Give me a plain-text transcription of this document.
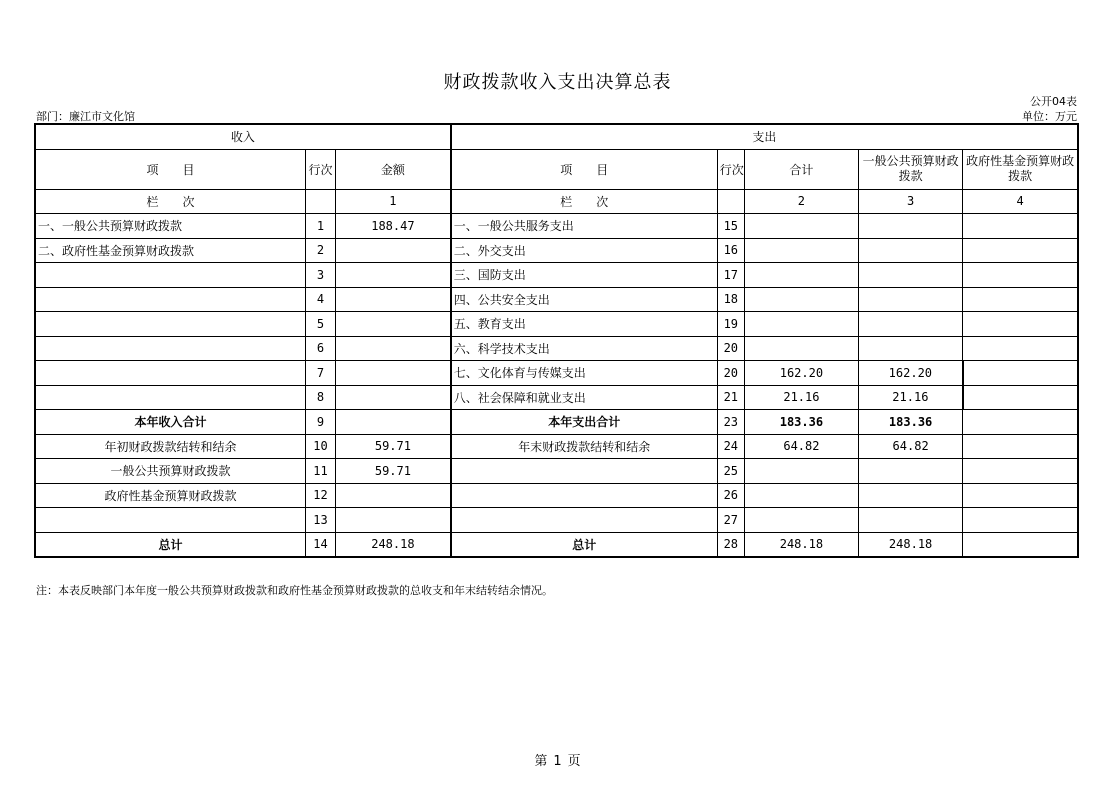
财政拨款收入支出决算总表
公开04表
部门：廉江市文化馆	单位：万元
收入			支出				
项　　目	行次	金额	项　　目	行次	合计	一般公共预算财政拨款	政府性基金预算财政拨款
栏　　次		1	栏　　次		2	3	4
一、一般公共预算财政拨款	1	188.47	一、一般公共服务支出	15			
二、政府性基金预算财政拨款	2		二、外交支出	16			
	3		三、国防支出	17			
	4		四、公共安全支出	18			
	5		五、教育支出	19			
	6		六、科学技术支出	20			
	7		七、文化体育与传媒支出	20	162.20	162.20	
	8		八、社会保障和就业支出	21	21.16	21.16	
本年收入合计	9		本年支出合计	23	183.36	183.36	
年初财政拨款结转和结余	10	59.71	年末财政拨款结转和结余	24	64.82	64.82	
一般公共预算财政拨款	11	59.71		25			
政府性基金预算财政拨款	12			26			
	13			27			
总计	14	248.18	总计	28	248.18	248.18	
注：本表反映部门本年度一般公共预算财政拨款和政府性基金预算财政拨款的总收支和年末结转结余情况。
第 1 页
